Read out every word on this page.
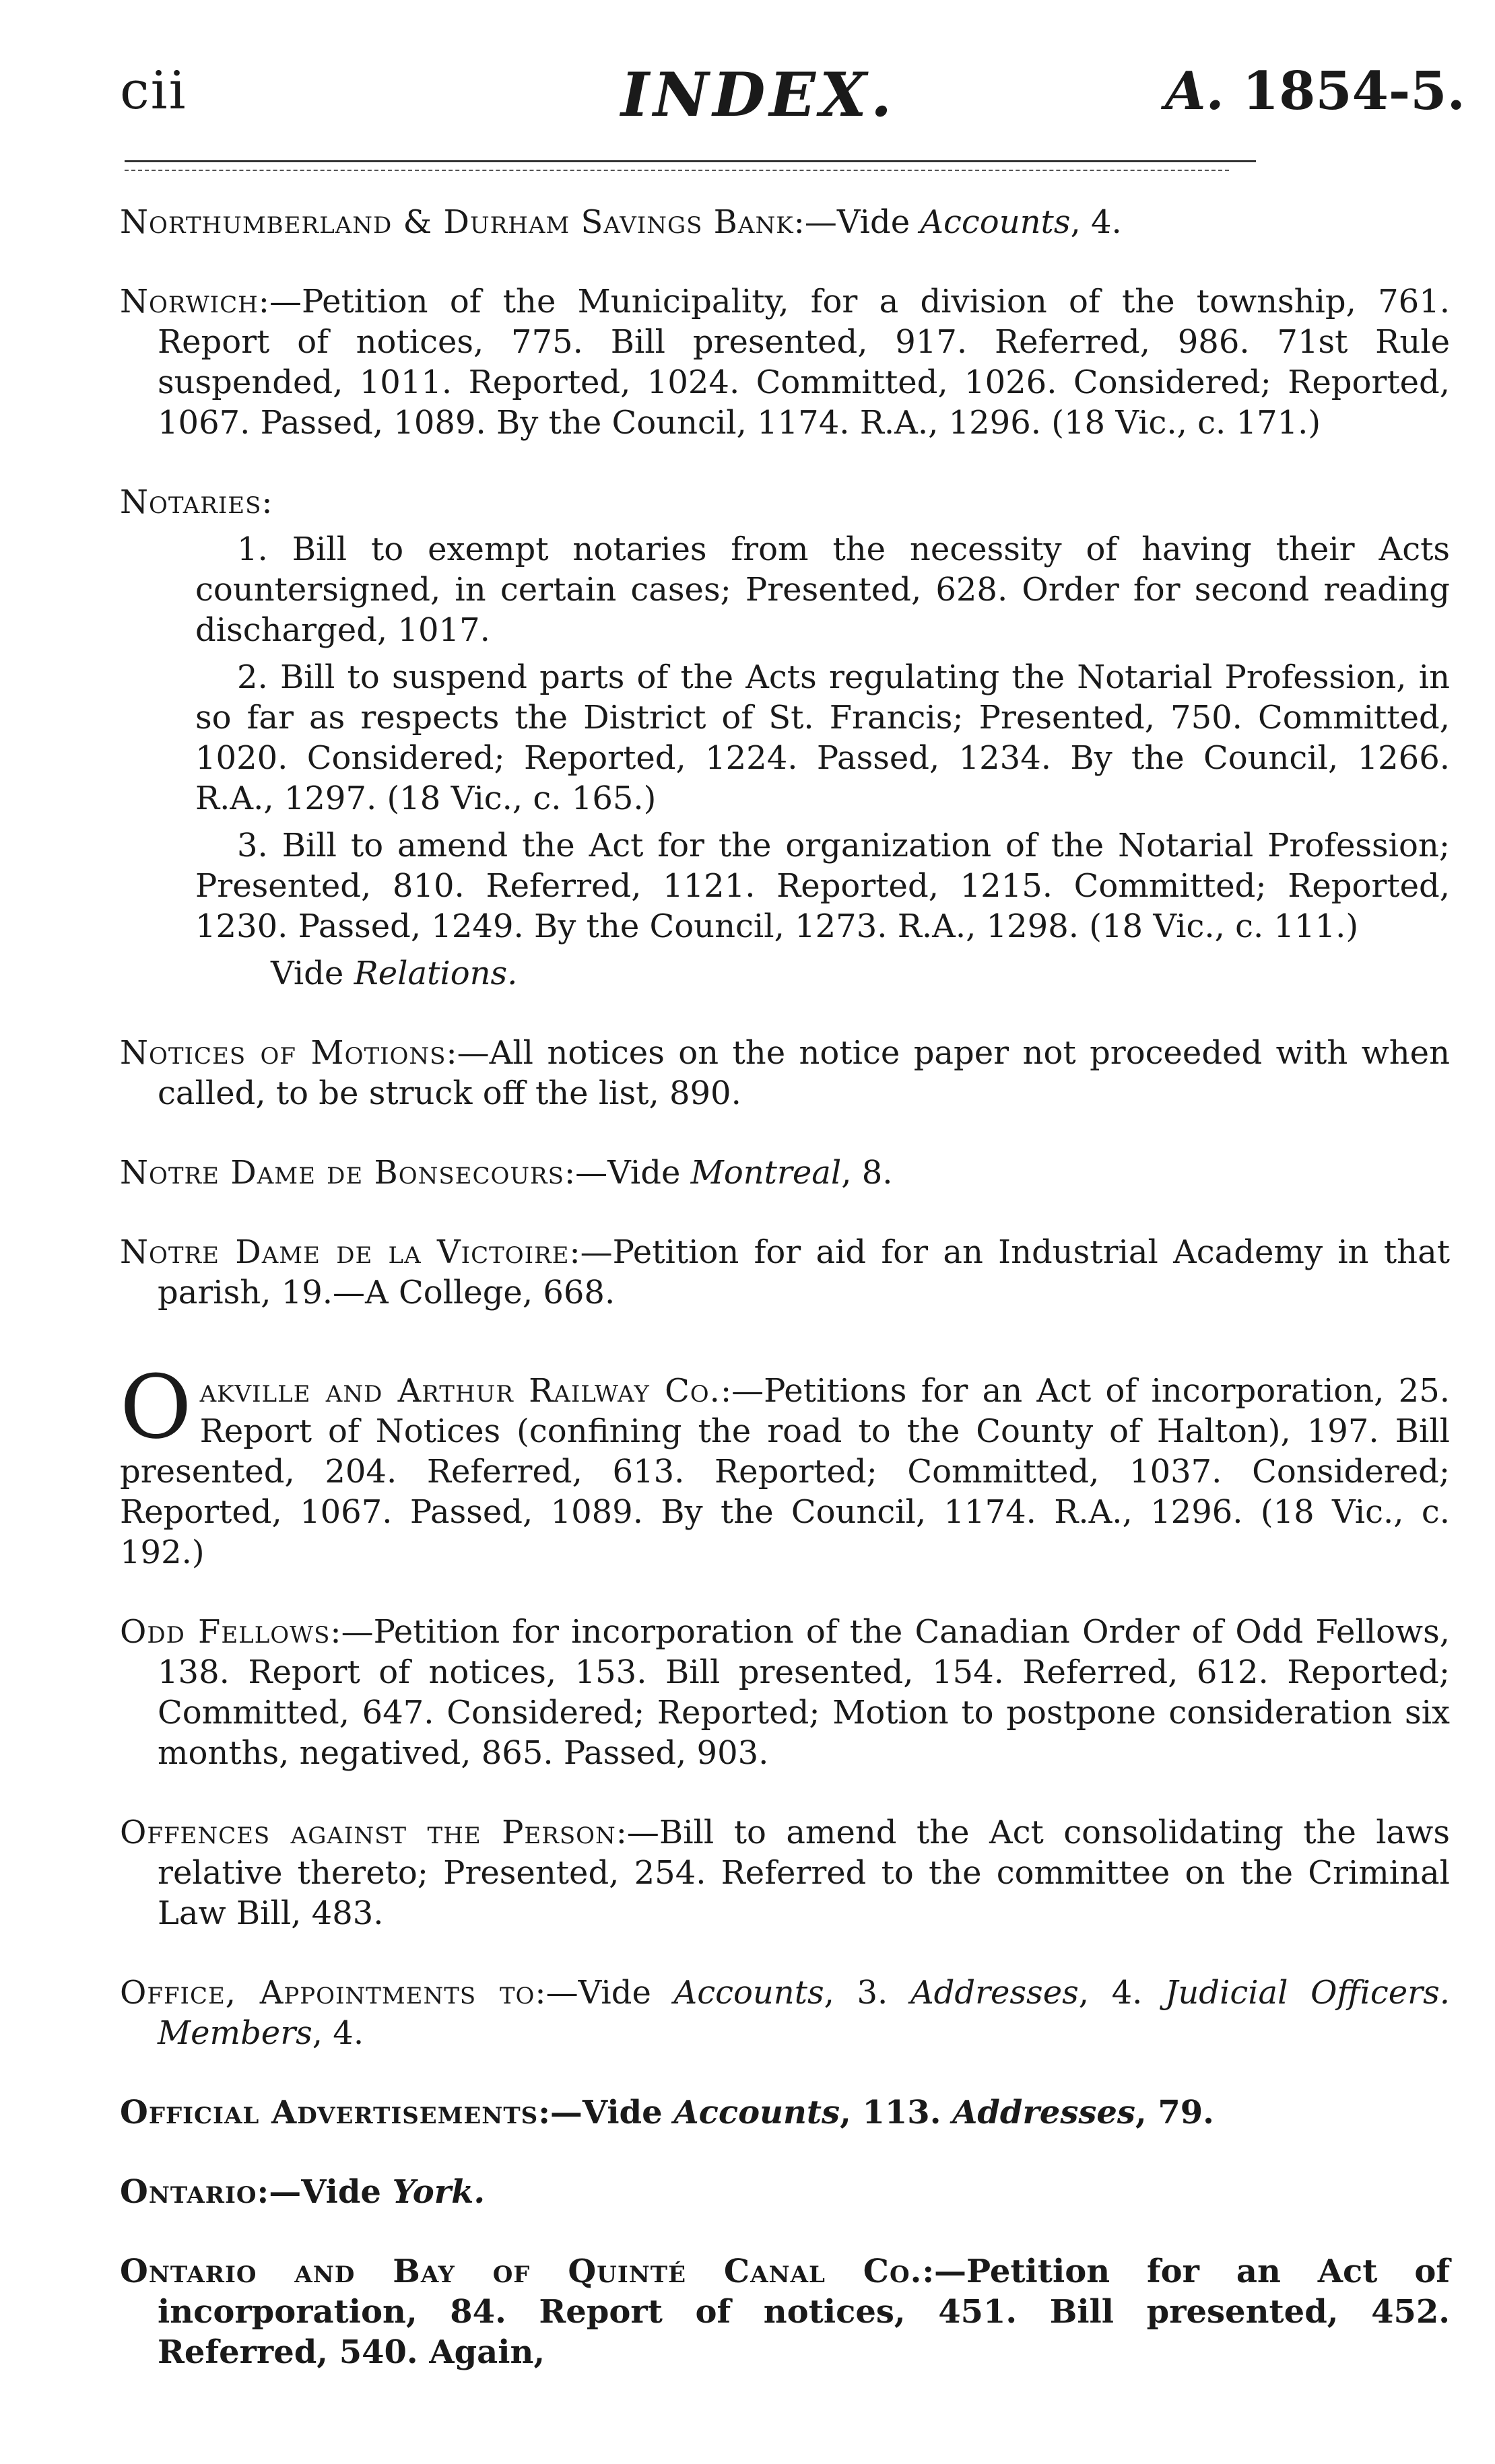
cii	INDEX.	A. 1854-5.

Northumberland & Durham Savings Bank:—Vide Accounts, 4.

Norwich:—Petition of the Municipality, for a division of the township, 761. Report of notices, 775. Bill presented, 917. Referred, 986. 71st Rule suspended, 1011. Reported, 1024. Committed, 1026. Considered; Reported, 1067. Passed, 1089. By the Council, 1174. R.A., 1296. (18 Vic., c. 171.)

Notaries:

1. Bill to exempt notaries from the necessity of having their Acts countersigned, in certain cases; Presented, 628. Order for second reading discharged, 1017.

2. Bill to suspend parts of the Acts regulating the Notarial Profession, in so far as respects the District of St. Francis; Presented, 750. Committed, 1020. Considered; Reported, 1224. Passed, 1234. By the Council, 1266. R.A., 1297. (18 Vic., c. 165.)

3. Bill to amend the Act for the organization of the Notarial Profession; Presented, 810. Referred, 1121. Reported, 1215. Committed; Reported, 1230. Passed, 1249. By the Council, 1273. R.A., 1298. (18 Vic., c. 111.)

Vide Relations.

Notices of Motions:—All notices on the notice paper not proceeded with when called, to be struck off the list, 890.

Notre Dame de Bonsecours:—Vide Montreal, 8.

Notre Dame de la Victoire:—Petition for aid for an Industrial Academy in that parish, 19.—A College, 668.

Oakville and Arthur Railway Co.:—Petitions for an Act of incorporation, 25. Report of Notices (confining the road to the County of Halton), 197. Bill presented, 204. Referred, 613. Reported; Committed, 1037. Considered; Reported, 1067. Passed, 1089. By the Council, 1174. R.A., 1296. (18 Vic., c. 192.)

Odd Fellows:—Petition for incorporation of the Canadian Order of Odd Fellows, 138. Report of notices, 153. Bill presented, 154. Referred, 612. Reported; Committed, 647. Considered; Reported; Motion to postpone consideration six months, negatived, 865. Passed, 903.

Offences against the Person:—Bill to amend the Act consolidating the laws relative thereto; Presented, 254. Referred to the committee on the Criminal Law Bill, 483.

Office, Appointments to:—Vide Accounts, 3. Addresses, 4. Judicial Officers. Members, 4.

Official Advertisements:—Vide Accounts, 113. Addresses, 79.

Ontario:—Vide York.

Ontario and Bay of Quinté Canal Co.:—Petition for an Act of incorporation, 84. Report of notices, 451. Bill presented, 452. Referred, 540. Again,
